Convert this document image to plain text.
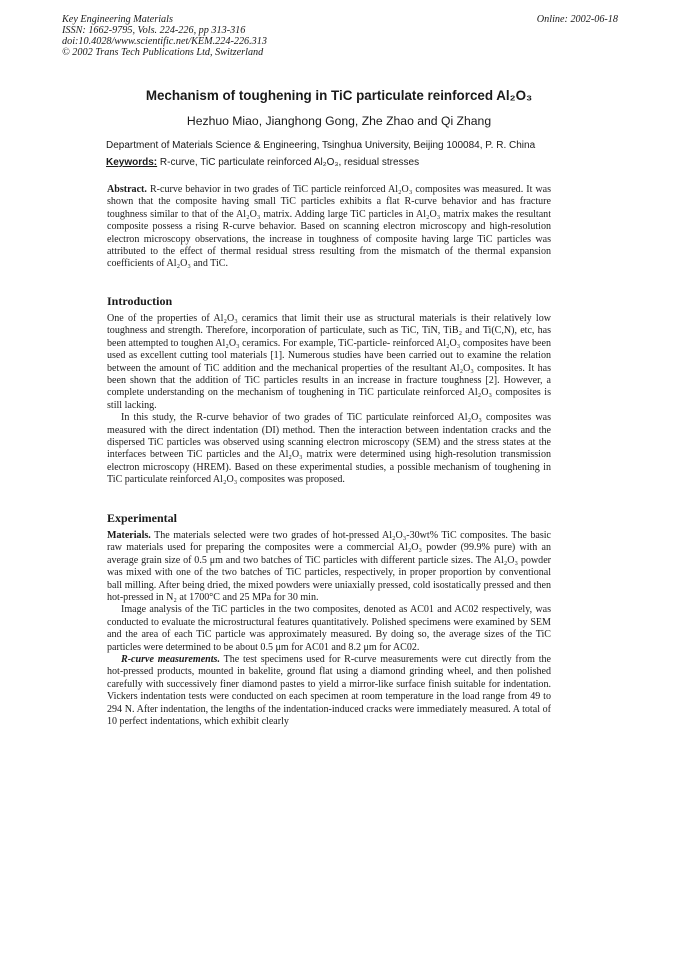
Key Engineering Materials
ISSN: 1662-9795, Vols. 224-226, pp 313-316
doi:10.4028/www.scientific.net/KEM.224-226.313
© 2002 Trans Tech Publications Ltd, Switzerland
Online: 2002-06-18
Mechanism of toughening in TiC particulate reinforced Al₂O₃
Hezhuo Miao, Jianghong Gong, Zhe Zhao and Qi Zhang
Department of Materials Science & Engineering, Tsinghua University, Beijing 100084, P. R. China
Keywords: R-curve, TiC particulate reinforced Al₂O₃, residual stresses

Abstract. R-curve behavior in two grades of TiC particle reinforced Al₂O₃ composites was measured. It was shown that the composite having small TiC particles exhibits a flat R-curve behavior and has fracture toughness similar to that of the Al₂O₃ matrix. Adding large TiC particles in Al₂O₃ matrix makes the resultant composite possess a rising R-curve behavior. Based on scanning electron microscopy and high-resolution electron microscopy observations, the increase in toughness of composite having large TiC particles was attributed to the effect of thermal residual stress resulting from the mismatch of the thermal expansion coefficients of Al₂O₃ and TiC.

Introduction

One of the properties of Al₂O₃ ceramics that limit their use as structural materials is their relatively low toughness and strength. Therefore, incorporation of particulate, such as TiC, TiN, TiB₂ and Ti(C,N), etc, has been attempted to toughen Al₂O₃ ceramics. For example, TiC-particle- reinforced Al₂O₃ composites have been used as excellent cutting tool materials [1]. Numerous studies have been carried out to examine the relation between the amount of TiC addition and the mechanical properties of the resultant Al₂O₃ composites. It has been shown that the addition of TiC particles results in an increase in fracture toughness [2]. However, a complete understanding on the mechanism of toughening in TiC particulate reinforced Al₂O₃ composites is still lacking.

In this study, the R-curve behavior of two grades of TiC particulate reinforced Al₂O₃ composites was measured with the direct indentation (DI) method. Then the interaction between indentation cracks and the dispersed TiC particles was observed using scanning electron microscopy (SEM) and the stress states at the interfaces between TiC particles and the Al₂O₃ matrix were determined using high-resolution transmission electron microscopy (HREM). Based on these experimental studies, a possible mechanism of toughening in TiC particulate reinforced Al₂O₃ composites was proposed.

Experimental

Materials. The materials selected were two grades of hot-pressed Al₂O₃-30wt% TiC composites. The basic raw materials used for preparing the composites were a commercial Al₂O₃ powder (99.9% pure) with an average grain size of 0.5 μm and two batches of TiC particles with different particle sizes. The Al₂O₃ powder was mixed with one of the two batches of TiC particles, respectively, in proper proportion by conventional ball milling. After being dried, the mixed powders were uniaxially pressed, cold isostatically pressed and then hot-pressed in N₂ at 1700°C and 25 MPa for 30 min.

Image analysis of the TiC particles in the two composites, denoted as AC01 and AC02 respectively, was conducted to evaluate the microstructural features quantitatively. Polished specimens were examined by SEM and the area of each TiC particle was approximately measured. By doing so, the average sizes of the TiC particles were determined to be about 0.5 μm for AC01 and 8.2 μm for AC02.

R-curve measurements. The test specimens used for R-curve measurements were cut directly from the hot-pressed products, mounted in bakelite, ground flat using a diamond grinding wheel, and then polished carefully with successively finer diamond pastes to yield a mirror-like surface finish suitable for indentation. Vickers indentation tests were conducted on each specimen at room temperature in the load range from 49 to 294 N. After indentation, the lengths of the indentation-induced cracks were immediately measured. A total of 10 perfect indentations, which exhibit clearly
